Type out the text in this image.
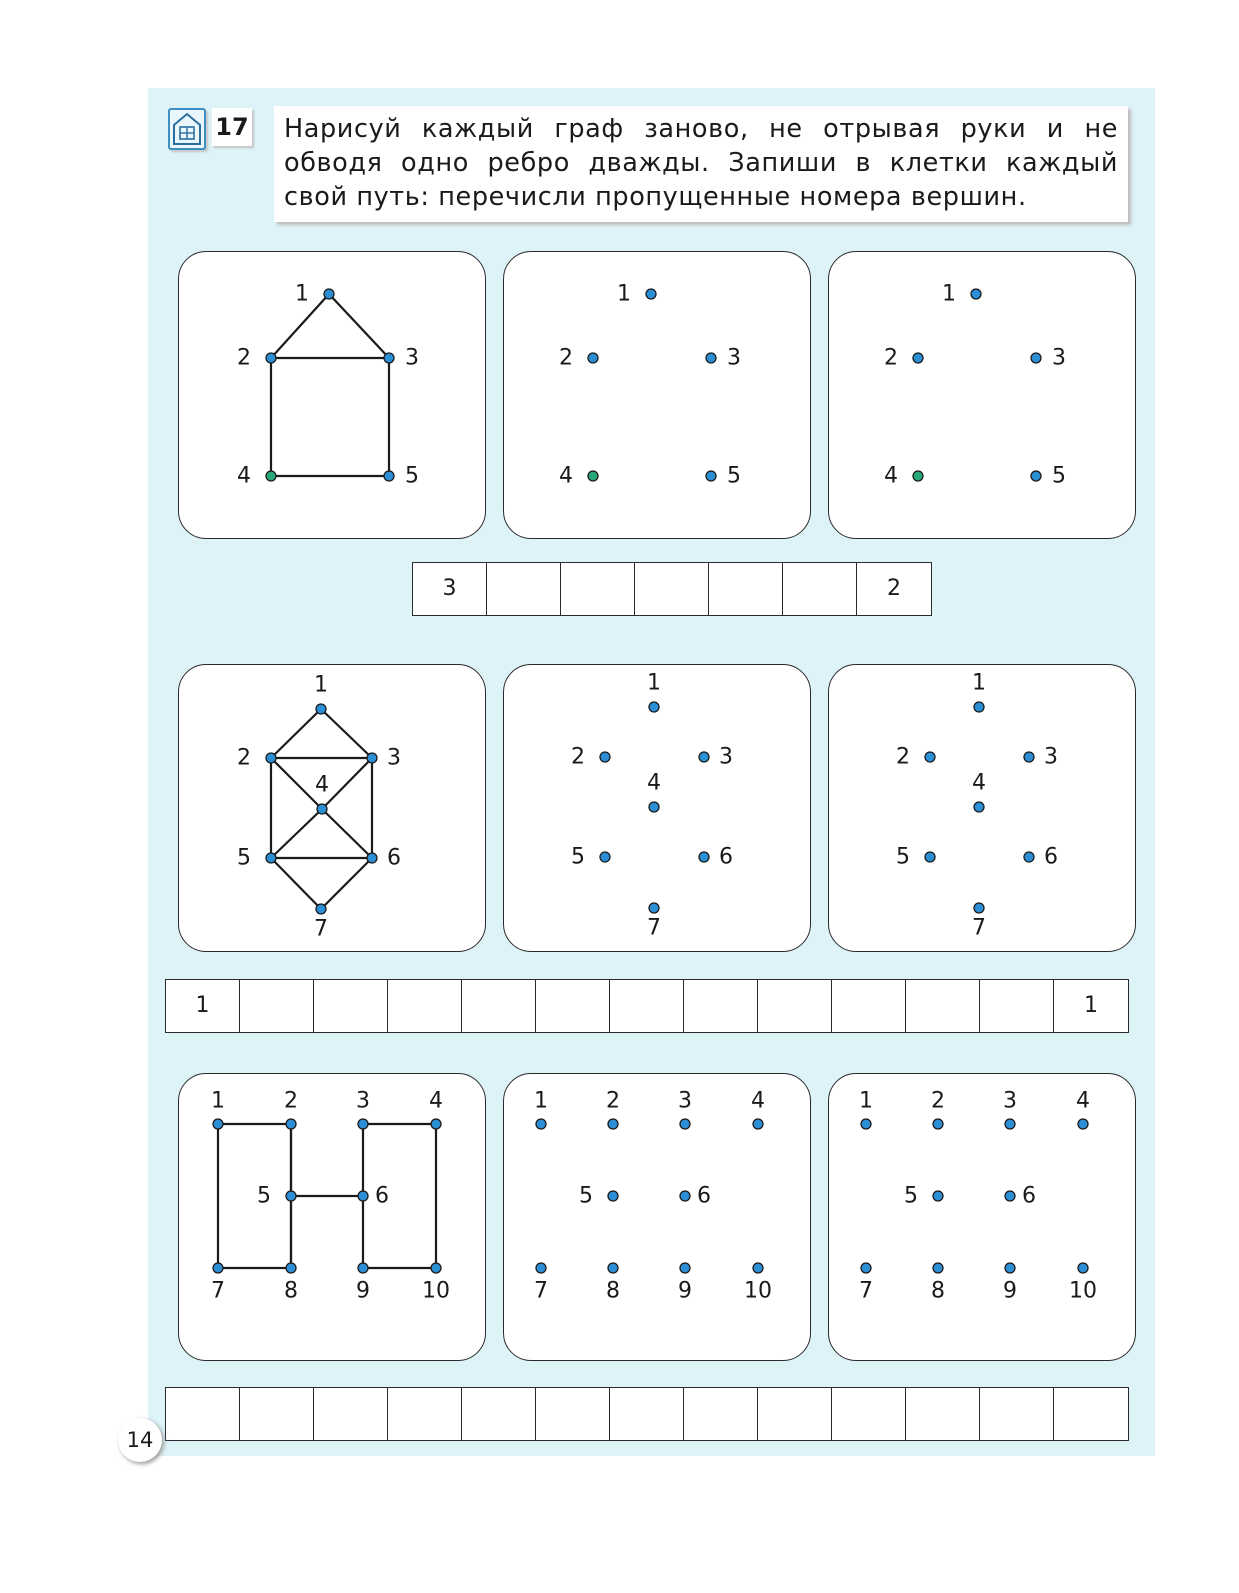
17	Нарисуй каждый граф заново, не отрывая руки и не обводя одно ребро дважды. Запиши в клетки каждый свой путь: перечисли пропущенные номера вершин.
1
2	3
4	5
1
2	3
4	5
1
2	3
4	5
3	2
1
2	3
4
5	6
7
1
2	3
4
5	6
7
1
2	3
4
5	6
7
1	1
1	2	3	4
5	6
7	8	9 10
1	2	3	4
5	6
7	8	9 10
1	2	3	4
5	6
7	8	9 10
14
